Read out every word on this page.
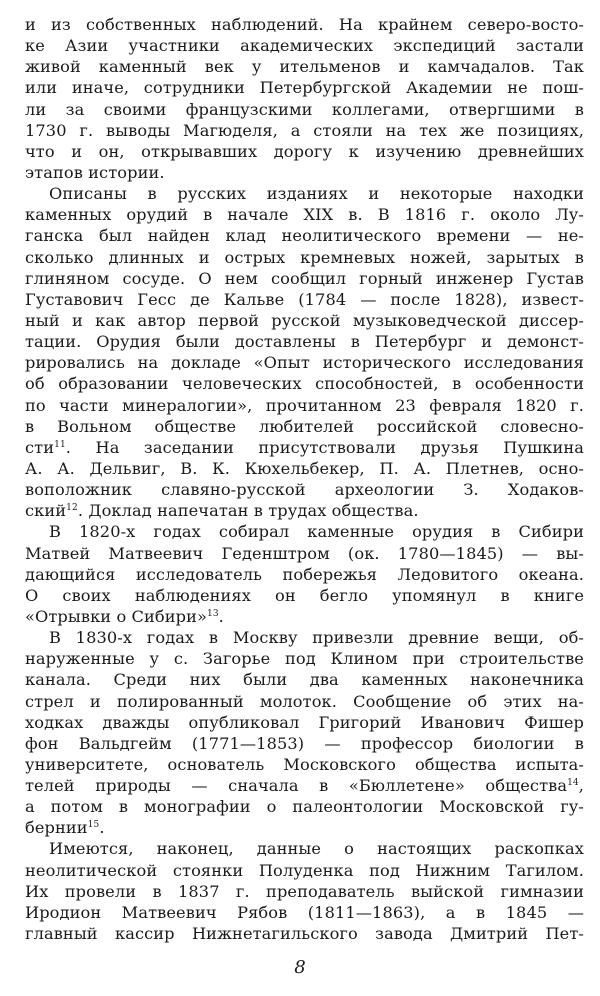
и из собственных наблюдений. На крайнем северо-восто-
ке Азии участники академических экспедиций застали
живой каменный век у ительменов и камчадалов. Так
или иначе, сотрудники Петербургской Академии не пош-
ли за своими французскими коллегами, отвергшими в
1730 г. выводы Магюделя, а стояли на тех же позициях,
что и он, открывавших дорогу к изучению древнейших
этапов истории.
Описаны в русских изданиях и некоторые находки
каменных орудий в начале XIX в. В 1816 г. около Лу-
ганска был найден клад неолитического времени — не-
сколько длинных и острых кремневых ножей, зарытых в
глиняном сосуде. О нем сообщил горный инженер Густав
Густавович Гесс де Кальве (1784 — после 1828), извест-
ный и как автор первой русской музыковедческой диссер-
тации. Орудия были доставлены в Петербург и демонст-
рировались на докладе «Опыт исторического исследования
об образовании человеческих способностей, в особенности
по части минералогии», прочитанном 23 февраля 1820 г.
в Вольном обществе любителей российской словесно-
сти$^{11}$. На заседании присутствовали друзья Пушкина
А. А. Дельвиг, В. К. Кюхельбекер, П. А. Плетнев, осно-
воположник славяно-русской археологии З. Ходаков-
ский$^{12}$. Доклад напечатан в трудах общества.
В 1820-х годах собирал каменные орудия в Сибири
Матвей Матвеевич Геденштром (ок. 1780—1845) — вы-
дающийся исследователь побережья Ледовитого океана.
О своих наблюдениях он бегло упомянул в книге
«Отрывки о Сибири»$^{13}$.
В 1830-х годах в Москву привезли древние вещи, об-
наруженные у с. Загорье под Клином при строительстве
канала. Среди них были два каменных наконечника
стрел и полированный молоток. Сообщение об этих на-
ходках дважды опубликовал Григорий Иванович Фишер
фон Вальдгейм (1771—1853) — профессор биологии в
университете, основатель Московского общества испыта-
телей природы — сначала в «Бюллетене» общества$^{14}$,
а потом в монографии о палеонтологии Московской гу-
бернии$^{15}$.
Имеются, наконец, данные о настоящих раскопках
неолитической стоянки Полуденка под Нижним Тагилом.
Их провели в 1837 г. преподаватель выйской гимназии
Иродион Матвеевич Рябов (1811—1863), а в 1845 —
главный кассир Нижнетагильского завода Дмитрий Пет-
8
